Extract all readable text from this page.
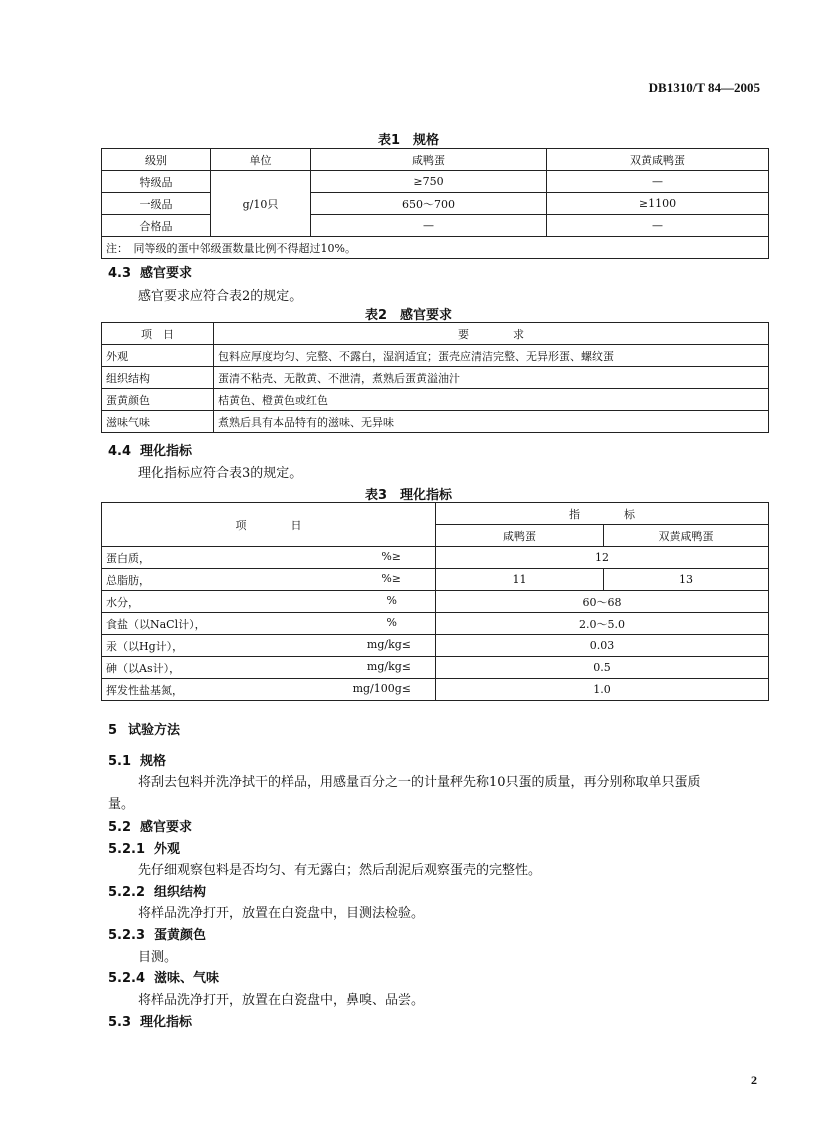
DB1310/T 84—2005
表1　规格
级别	单位	咸鸭蛋	双黄咸鸭蛋
特级品	g/10只	≥750	—
一级品		650～700	≥1100
合格品		—	—
注：　同等级的蛋中邻级蛋数量比例不得超过10%。			
4.3 感官要求
感官要求应符合表2的规定。
表2　感官要求
项　日	要　　　　求
外观	包料应厚度均匀、完整、不露白，湿润适宜；蛋壳应清洁完整、无异形蛋、螺纹蛋
组织结构	蛋清不粘壳、无散黄、不泄清，煮熟后蛋黄溢油汁
蛋黄颜色	桔黄色、橙黄色或红色
滋味气味	煮熟后具有本品特有的滋味、无异味
4.4 理化指标
理化指标应符合表3的规定。
表3　理化指标
项　　　　日	指　　　　标	
	咸鸭蛋	双黄咸鸭蛋
蛋白质， %≥	12	
总脂肪， %≥	11	13
水分， %	60～68	
食盐（以NaCl计）， %	2.0～5.0	
汞（以Hg计）， mg/kg≤	0.03	
砷（以As计）， mg/kg≤	0.5	
挥发性盐基氮， mg/100g≤	1.0	
5 试验方法
5.1 规格
将刮去包料并洗净拭干的样品，用感量百分之一的计量秤先称10只蛋的质量，再分别称取单只蛋质
量。
5.2 感官要求
5.2.1 外观
先仔细观察包料是否均匀、有无露白；然后刮泥后观察蛋壳的完整性。
5.2.2 组织结构
将样品洗净打开，放置在白瓷盘中，目测法检验。
5.2.3 蛋黄颜色
目测。
5.2.4 滋味、气味
将样品洗净打开，放置在白瓷盘中，鼻嗅、品尝。
5.3 理化指标
2
